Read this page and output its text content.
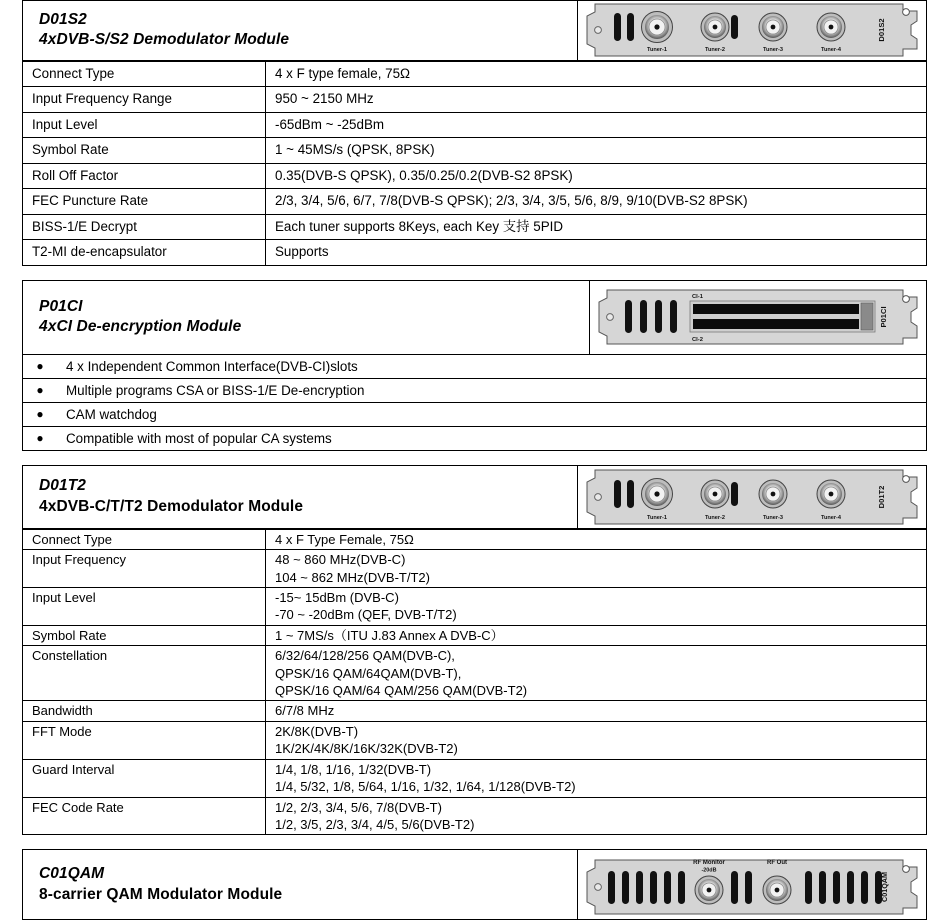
D01S2
4xDVB-S/S2 Demodulator Module
Tuner-1	Tuner-2	Tuner-3	Tuner-4
D01S2
Connect Type	4 x F type female, 75Ω
Input Frequency Range	950 ~ 2150 MHz
Input Level	-65dBm ~ -25dBm
Symbol Rate	1 ~ 45MS/s (QPSK, 8PSK)
Roll Off Factor	0.35(DVB-S QPSK), 0.35/0.25/0.2(DVB-S2 8PSK)
FEC Puncture Rate	2/3, 3/4, 5/6, 6/7, 7/8(DVB-S QPSK); 2/3, 3/4, 3/5, 5/6, 8/9, 9/10(DVB-S2 8PSK)
BISS-1/E Decrypt	Each tuner supports 8Keys, each Key 支持 5PID
T2-MI de-encapsulator	Supports
P01CI
4xCI De-encryption Module
CI-1
CI-2
P01CI
●	4 x Independent Common Interface(DVB-CI)slots
●	Multiple programs CSA or BISS-1/E De-encryption
●	CAM watchdog
●	Compatible with most of popular CA systems
D01T2
4xDVB-C/T/T2 Demodulator Module
Tuner-1	Tuner-2	Tuner-3	Tuner-4
D01T2
Connect Type	4 x F Type Female, 75Ω

Input Frequency	48 ~ 860 MHz(DVB-C)
104 ~ 862 MHz(DVB-T/T2)

Input Level	-15~ 15dBm (DVB-C)
-70 ~ -20dBm (QEF, DVB-T/T2)

Symbol Rate	1 ~ 7MS/s（ITU J.83 Annex A DVB-C）

Constellation	6/32/64/128/256 QAM(DVB-C),
QPSK/16 QAM/64QAM(DVB-T),
QPSK/16 QAM/64 QAM/256 QAM(DVB-T2)

Bandwidth	6/7/8 MHz

FFT Mode	2K/8K(DVB-T)
1K/2K/4K/8K/16K/32K(DVB-T2)

Guard Interval	1/4, 1/8, 1/16, 1/32(DVB-T)
1/4, 5/32, 1/8, 5/64, 1/16, 1/32, 1/64, 1/128(DVB-T2)

FEC Code Rate	1/2, 2/3, 3/4, 5/6, 7/8(DVB-T)
1/2, 3/5, 2/3, 3/4, 4/5, 5/6(DVB-T2)
C01QAM
8-carrier QAM Modulator Module
RF Monitor
-20dB
RF Out
C01QAM
